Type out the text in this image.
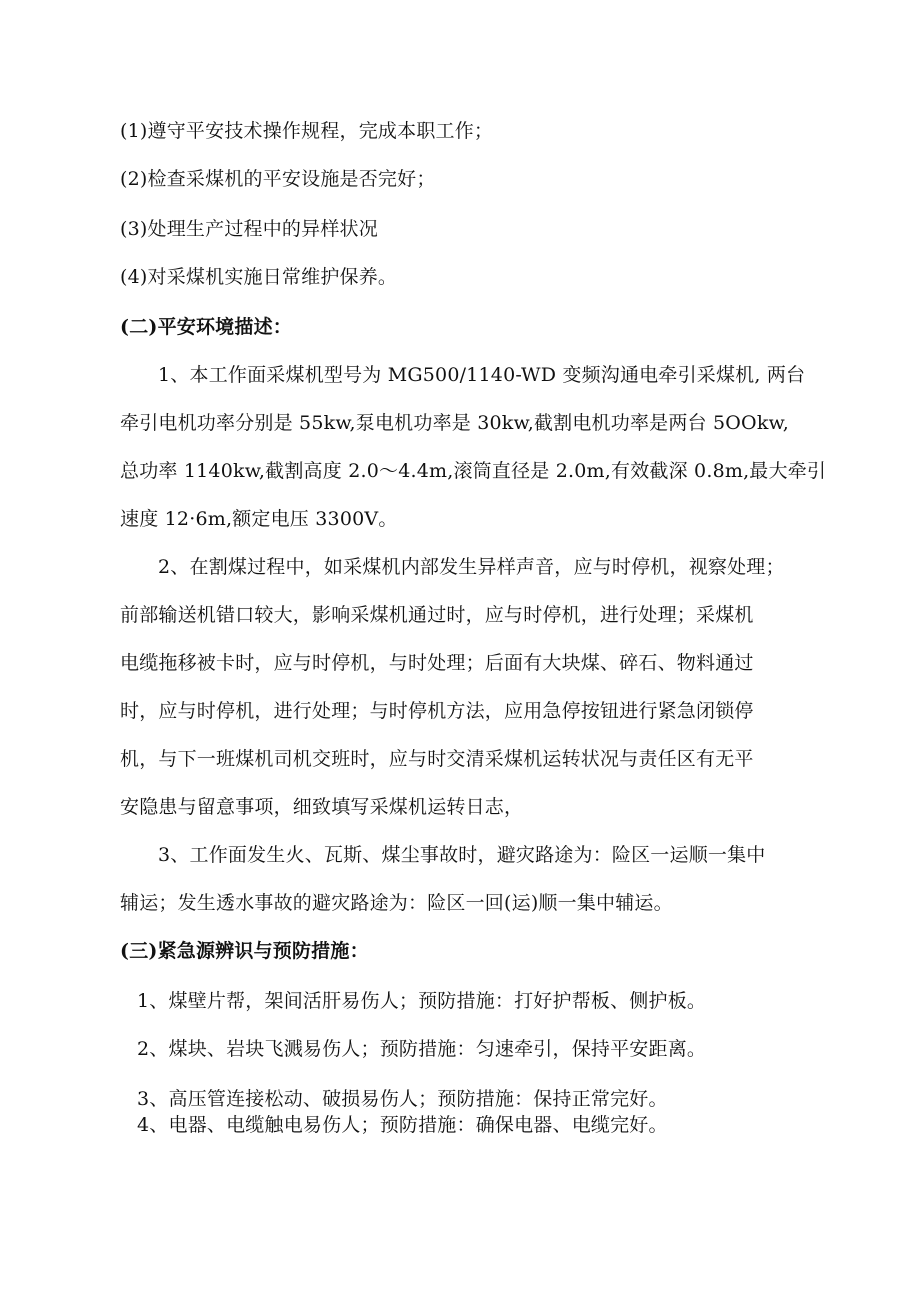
(1)遵守平安技术操作规程，完成本职工作；
(2)检查采煤机的平安设施是否完好；
(3)处理生产过程中的异样状况
(4)对采煤机实施日常维护保养。
(二)平安环境描述：
1、本工作面采煤机型号为 MG500/1140-WD 变频沟通电牵引采煤机, 两台
牵引电机功率分别是 55kw,泵电机功率是 30kw,截割电机功率是两台 5OOkw,
总功率 1140kw,截割高度 2.0～4.4m,滚筒直径是 2.0m,有效截深 0.8m,最大牵引
速度 12·6m,额定电压 3300V。
2、在割煤过程中，如采煤机内部发生异样声音，应与时停机，视察处理；
前部输送机错口较大，影响采煤机通过时，应与时停机，进行处理；采煤机
电缆拖移被卡时，应与时停机，与时处理；后面有大块煤、碎石、物料通过
时，应与时停机，进行处理；与时停机方法，应用急停按钮进行紧急闭锁停
机，与下一班煤机司机交班时，应与时交清采煤机运转状况与责任区有无平
安隐患与留意事项，细致填写采煤机运转日志，
3、工作面发生火、瓦斯、煤尘事故时，避灾路途为：险区一运顺一集中
辅运；发生透水事故的避灾路途为：险区一回(运)顺一集中辅运。
(三)紧急源辨识与预防措施：
1、煤壁片帮，架间活肝易伤人；预防措施：打好护帮板、侧护板。
2、煤块、岩块飞溅易伤人；预防措施：匀速牵引，保持平安距离。
3、高压管连接松动、破损易伤人；预防措施：保持正常完好。
4、电器、电缆触电易伤人；预防措施：确保电器、电缆完好。
